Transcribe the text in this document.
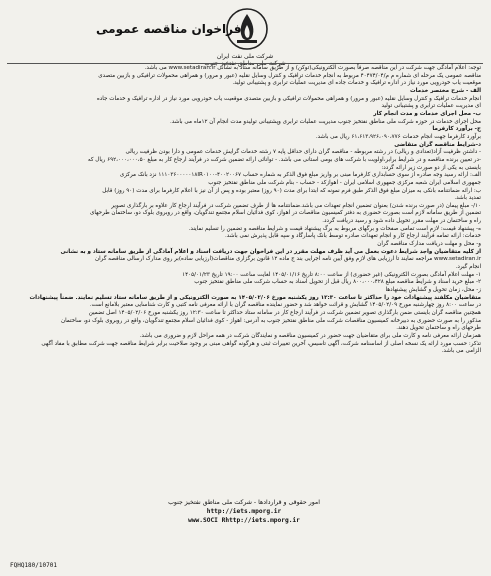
شرکت ملی نفت ایران
فراخوان مناقصه عمومی

توجه: اعلام آمادگی جهت شرکت در این مناقصه صرفاً بصورت الکترونیکی(توکن) و از طریق سامانه ستاد به نشانی www.setadiran.ir می باشد.

مناقصه عمومی یک مرحله ای شماره م م/۴۰۴۷۴/۰۴ مربوط به انجام خدمات ترافیک و کنترل وسایل نقلیه (عبور و مرور) و همراهی محمولات ترافیکی و بازبین متصدی

موقعیت یاب خودرویی مورد نیاز در اداره ترافیک و خدمات جاده ای مدیریت عملیات ترابری و پشتیبانی تولید.

الف - شرح مختصر خدمات

انجام خدمات ترافیک و کنترل وسایل نقلیه (عبور و مرور) و همراهی محمولات ترافیکی و بازبین متصدی موقعیت یاب خودرویی مورد نیاز در اداره ترافیک و خدمات جاده

ای مدیریت عملیات ترابری و پشتیبانی تولید

ب- محل اجرای خدمات و مدت انجام کار

محل اجرای خدمات در حوزه شرکت ملی مناطق نفتخیز جنوب مدیریت عملیات ترابری وپشتیبانی تولیدو مدت انجام آن ۱۲ماه می باشد.

ج- برآورد کارفرما

برآورد کارفرما جهت انجام خدمات ۶۱،۶۱۳،۹۲۶،۰۹۰،۷۷۶ ریال می باشد.

د-شرایط مناقصه گران متقاضی

- داشتن ظرفیت آزاد(تعدادی و ریالی) در رشته مربوطه - مناقصه گران دارای حداقل پایه ۷ رشته خدمات گرایش خدمات عمومی و دارا بودن ظرفیت ریالی

-در تعیین برنده مناقصه و در شرایط برابر،اولویت با شرکت های بومی استانی می باشد. - توانائی ارائه تضمین شرکت در فرآیند ارجاع کار به مبلغ ۶۹۲،۰۰۰،۰۰۰،۵۰ ریال که

بایستی به یکی از دو صورت زیر ارائه گردد:

الف: ارائه رسید وجه صادره از سوی حسابداری کارفرما مبنی بر واریز مبلغ فوق الذکر به شماره حساب ۴۰۰۲۰۰۶۷-۱۱۱۰۳۶۰۰۰۰۰۱۸IR۰۱۰۰ نزد بانک مرکزی

جمهوری اسلامی ایران شعبه مرکزی جمهوری اسلامی ایران - اهوازکد - حساب - بنام شرکت ملی مناطق نفتخیز جنوب

ب: ارائه ضمانتنامه بانکی به میزان مبلغ فوق الذکر طبق فرم نمونه که ابتدا برای مدت (۹۰ روز) معتبر بوده و پس از آن نیز با اعلام کارفرما برای مدت (۹۰ روز) قابل

تمدید باشد.

۱۰/- مبلغ پیمان (در صورت برنده شدن) بعنوان تضمین انجام تعهدات می باشد.ضمانتنامه ها از طرف تضمین شرکت در فرآیند ارجاع کار علاوه بر بارگذاری تصویر

تضمین از طریق سامانه لازم است بصورت حضوری به دفتر کمیسیون مناقصات در اهواز، کوی فدائیان اسلام مجتمع تندگویان، واقع در روبروی بلوک دو، ساختمان طرحهای

راه و ساختمان در مهلت مقرر تحویل داده شود و رسید دریافت گردد.

ه- پیشنهاد قیمت: لازم است تمامی صفحات و برگهای مربوط به برگ پیشنهاد قیمت و شرایط مناقصه و تضمین را تسلیم نمایند.

خدمات: ارائه تمامه فرآیند ارجاع کار و انجام تعهدات صادره توسط بانک پاسارگاد و سپه قابل پذیرش نمی باشد.

و- محل و مهلت دریافت مدارک مناقصه گران

از کلیه متقاضیان واجد شرایط دعوت بعمل می آید ظرف مهلت مقرر در این فراخوان جهت دریافت اسناد و اعلام آمادگی از طریق سامانه ستاد و به نشانی

www.setadiran.ir مراجعه نمایند تا ارزیابی های لازم وفق آیین نامه اجرایی بند ج ماده ۱۲ قانون برگزاری مناقصات(ارزیابی ساده)بر روی مدارک ارسالی مناقصه گران

انجام گیرد.

۱- مهلت اعلام آمادگی بصورت الکترونیکی (غیر حضوری) از ساعت ۸:۰۰ تاریخ ۱۴۰۵/۰۱/۱۶ لغایت ساعت ۱۹:۰۰ تاریخ ۱۴۰۵/۰۱/۲۳

۲- مبلغ خرید اسناد و شرایط مناقصه مبلغ ۸۰۰،۰۰۰،۴۲۸ ریال قبل از تحویل اسناد به حساب شرکت ملی مناطق نفتخیز جنوب

ز- محل، زمان تحویل و گشایش پیشنهادها

متقاضیان مکلفند پیشنهادات خود را حداکثر تا ساعت ۱۲:۳۰ روز یکشنبه مورخ ۱۴۰۵/۰۲/۰۶ به صورت الکترونیکی و از طریق سامانه ستاد تسلیم نمایند. ضمناً پیشنهادات

در ساعت ۸:۰۰ روز چهارشنبه مورخ ۱۴۰۵/۰۲/۰۹ گشایش و قرائت خواهد شد و حضور نماینده مناقصه گران با ارائه معرفی نامه کتبی و کارت شناسایی معتبر بلامانع است.

همچنین مناقصه گران بایستی ضمن بارگذاری تصویر تضمین شرکت در فرآیند ارجاع کار در سامانه ستاد حداکثر تا ساعت ۱۲:۳۰ روز یکشنبه مورخ ۱۴۰۵/۰۲/۰۶ اصل تضمین

مذکور را به صورت حضوری به دبیرخانه کمیسیون مناقصات شرکت ملی مناطق نفتخیز جنوب به آدرس: اهواز - کوی فدائیان اسلام مجتمع تندگویان، واقع در روبروی بلوک دو، ساختمان

طرحهای راه و ساختمان تحویل دهند.

همزمان ارائه معرفی نامه و کارت ملی برای متقاضیان جهت حضور در کمیسیون مناقصه و نمایندگان شرکت در همه مراحل لازم و ضروری می باشد.

تذکر: حسب مورد ارائه یک نسخه اصلی از اساسنامه شرکت، آگهی تاسیس، آخرین تغییرات ثبتی و هرگونه گواهی مبنی بر وجود صلاحیت برابر شرایط مناقصه جهت شرکت مطابق با مفاد آگهی

الزامی می باشد.

امور حقوقی و قراردادها - شرکت ملی مناطق نفتخیز جنوب
http://iets.mporg.ir
www.SOCI Rhttp://iets.mporg.ir
FQHQ180/10701
